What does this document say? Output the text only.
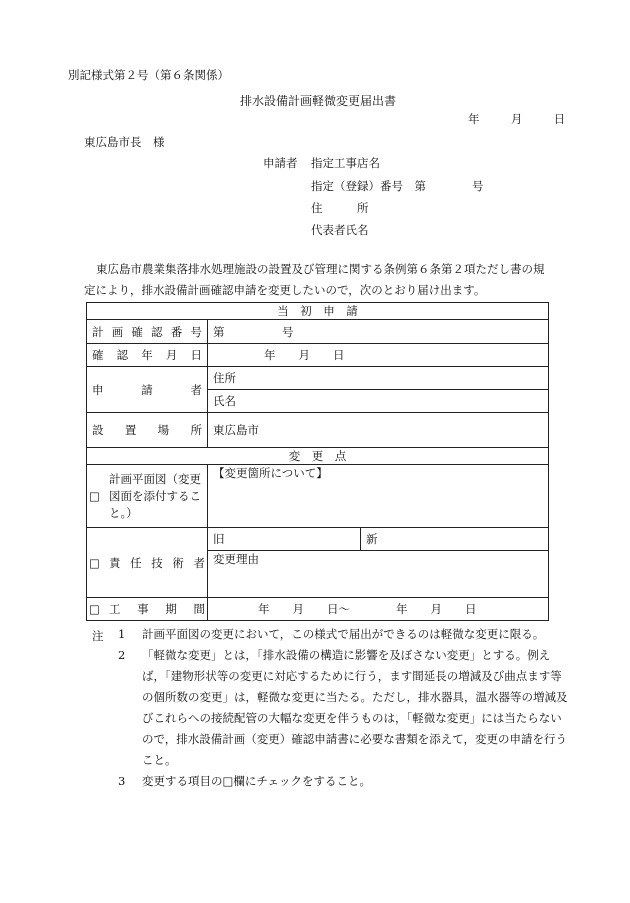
別記様式第２号（第６条関係）
排水設備計画軽微変更届出書
年	月	日
東広島市長　様
申請者 指定工事店名
指定（登録）番号　第　　　　号
住　　　所
代表者氏名
東広島市農業集落排水処理施設の設置及び管理に関する条例第６条第２項ただし書の規
定により，排水設備計画確認申請を変更したいので，次のとおり届け出ます。
当　初　申　請		
計画確認番号	第　　　　　号	
確認年月日	年　　月　　日	
申請者	住所	
	氏名	
設置場所	東広島市	
変　更　点		

□
計画平面図（変更図面を添付すること。）	【変更箇所について】	

□ 責任技術者	旧	新
	変更理由	

□ 工事期間	年　　月　　日〜　　　　年　　月　　日	
注 1	計画平面図の変更において，この様式で届出ができるのは軽微な変更に限る。
2	「軽微な変更」とは，「排水設備の構造に影響を及ぼさない変更」とする。例えば，「建物形状等の変更に対応するために行う，ます間延長の増減及び曲点ます等の個所数の変更」は，軽微な変更に当たる。ただし，排水器具，温水器等の増減及びこれらへの接続配管の大幅な変更を伴うものは，「軽微な変更」には当たらないので，排水設備計画（変更）確認申請書に必要な書類を添えて，変更の申請を行うこと。
3	変更する項目の□欄にチェックをすること。
